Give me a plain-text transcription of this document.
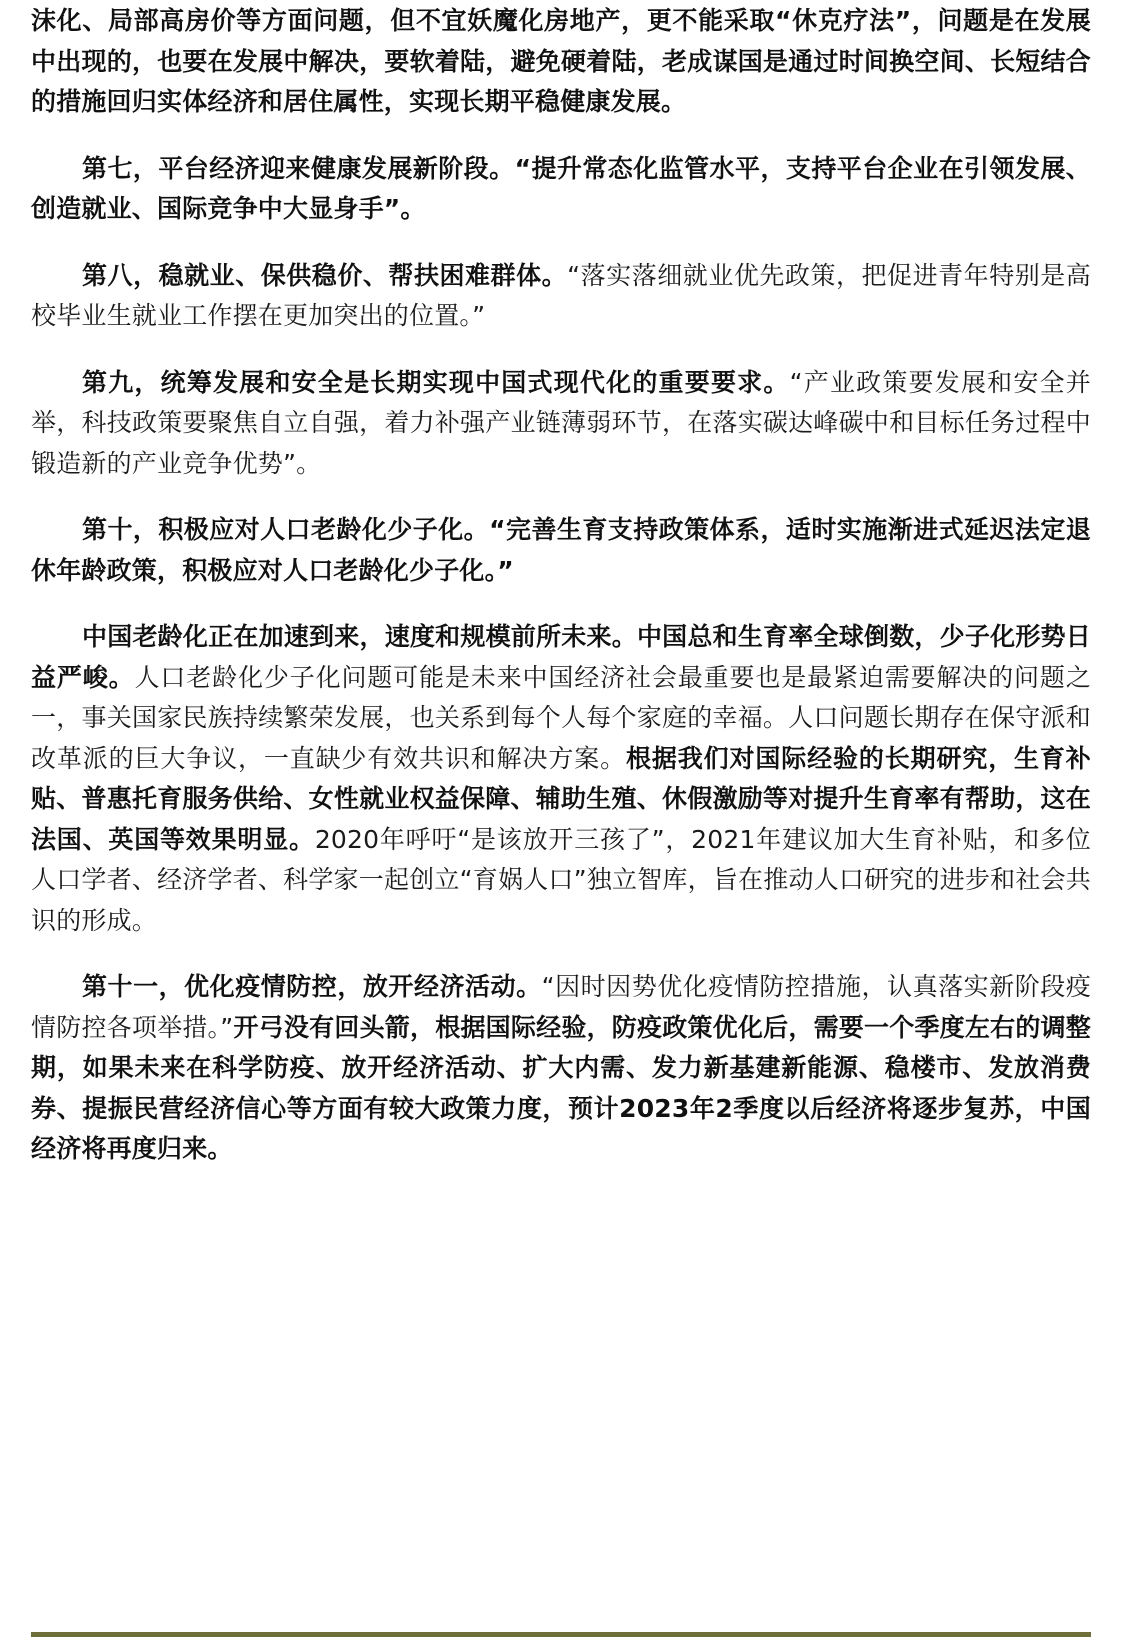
沫化、局部高房价等方面问题，但不宜妖魔化房地产，更不能采取“休克疗法”，问题是在发展中出现的，也要在发展中解决，要软着陆，避免硬着陆，老成谋国是通过时间换空间、长短结合的措施回归实体经济和居住属性，实现长期平稳健康发展。

第七，平台经济迎来健康发展新阶段。“提升常态化监管水平，支持平台企业在引领发展、创造就业、国际竞争中大显身手”。

第八，稳就业、保供稳价、帮扶困难群体。“落实落细就业优先政策，把促进青年特别是高校毕业生就业工作摆在更加突出的位置。”

第九，统筹发展和安全是长期实现中国式现代化的重要要求。“产业政策要发展和安全并举，科技政策要聚焦自立自强，着力补强产业链薄弱环节，在落实碳达峰碳中和目标任务过程中锻造新的产业竞争优势”。

第十，积极应对人口老龄化少子化。“完善生育支持政策体系，适时实施渐进式延迟法定退休年龄政策，积极应对人口老龄化少子化。”

中国老龄化正在加速到来，速度和规模前所未来。中国总和生育率全球倒数，少子化形势日益严峻。人口老龄化少子化问题可能是未来中国经济社会最重要也是最紧迫需要解决的问题之一，事关国家民族持续繁荣发展，也关系到每个人每个家庭的幸福。人口问题长期存在保守派和改革派的巨大争议，一直缺少有效共识和解决方案。根据我们对国际经验的长期研究，生育补贴、普惠托育服务供给、女性就业权益保障、辅助生殖、休假激励等对提升生育率有帮助，这在法国、英国等效果明显。2020年呼吁“是该放开三孩了”，2021年建议加大生育补贴，和多位人口学者、经济学者、科学家一起创立“育娲人口”独立智库，旨在推动人口研究的进步和社会共识的形成。

第十一，优化疫情防控，放开经济活动。“因时因势优化疫情防控措施，认真落实新阶段疫情防控各项举措。”开弓没有回头箭，根据国际经验，防疫政策优化后，需要一个季度左右的调整期，如果未来在科学防疫、放开经济活动、扩大内需、发力新基建新能源、稳楼市、发放消费券、提振民营经济信心等方面有较大政策力度，预计2023年2季度以后经济将逐步复苏，中国经济将再度归来。
